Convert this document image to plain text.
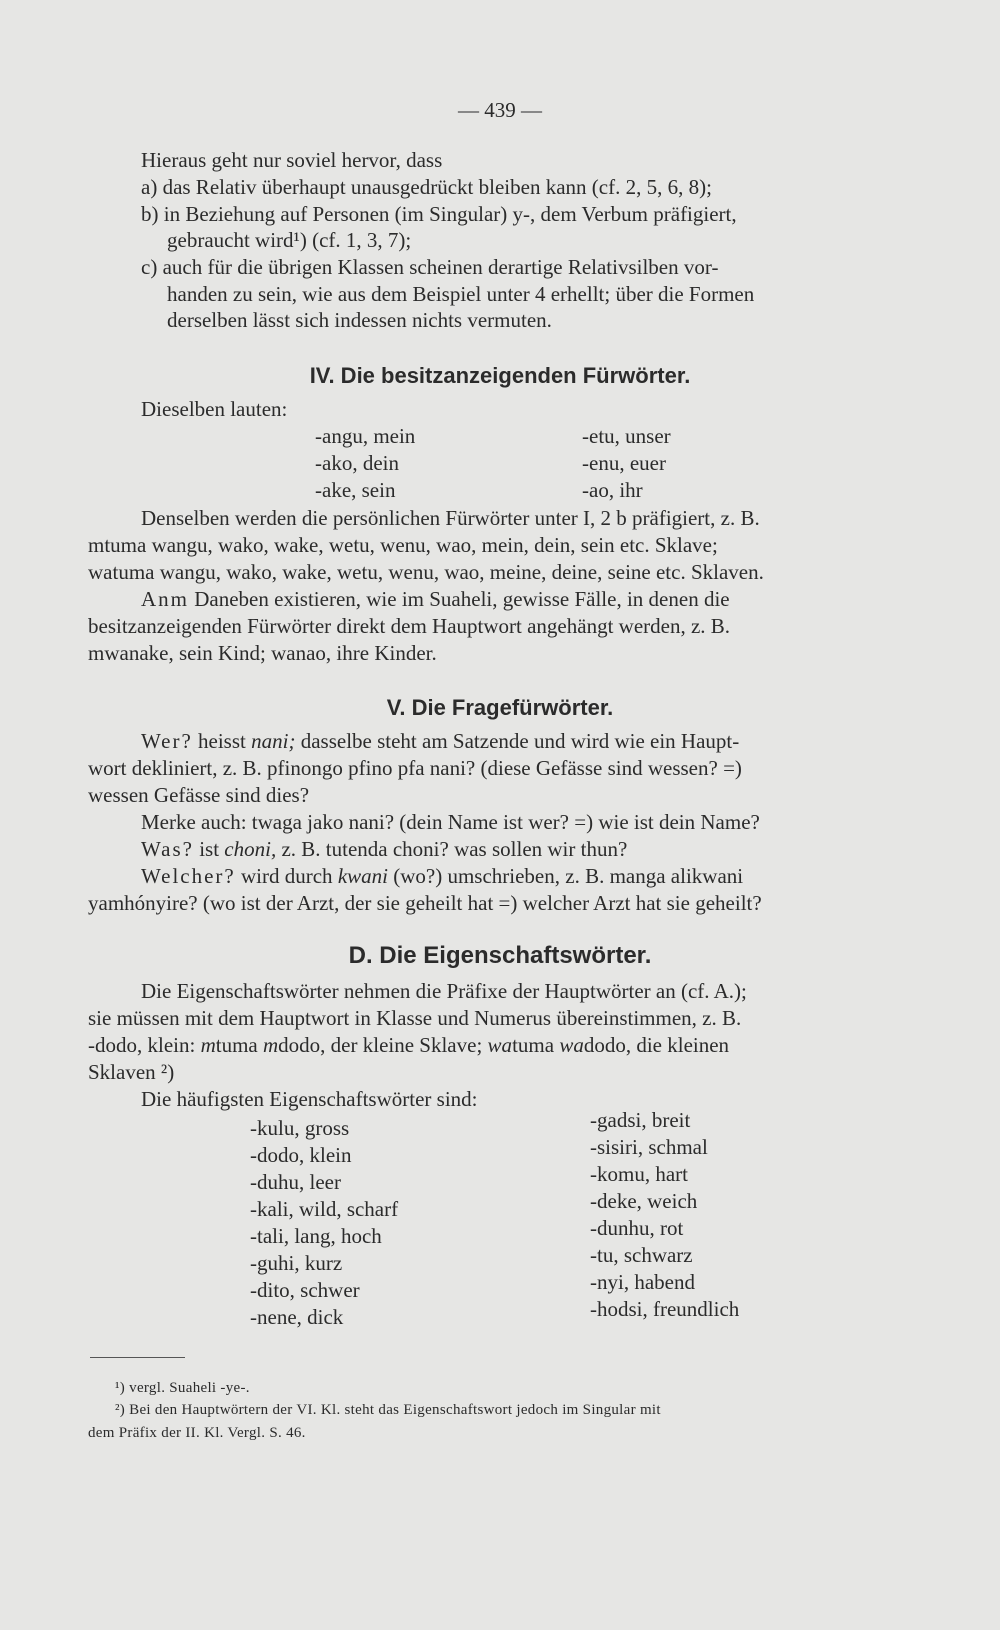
— 439 —
Hieraus geht nur soviel hervor, dass
a) das Relativ überhaupt unausgedrückt bleiben kann (cf. 2, 5, 6, 8);
b) in Beziehung auf Personen (im Singular) y-, dem Verbum präfigiert,
gebraucht wird¹) (cf. 1, 3, 7);
c) auch für die übrigen Klassen scheinen derartige Relativsilben vor-
handen zu sein, wie aus dem Beispiel unter 4 erhellt; über die Formen
derselben lässt sich indessen nichts vermuten.
IV. Die besitzanzeigenden Fürwörter.
Dieselben lauten:
-angu, mein
-ako, dein
-ake, sein
-etu, unser
-enu, euer
-ao, ihr
Denselben werden die persönlichen Fürwörter unter I, 2 b präfigiert, z. B.
mtuma wangu, wako, wake, wetu, wenu, wao, mein, dein, sein etc. Sklave;
watuma wangu, wako, wake, wetu, wenu, wao, meine, deine, seine etc. Sklaven.
Anm Daneben existieren, wie im Suaheli, gewisse Fälle, in denen die
besitzanzeigenden Fürwörter direkt dem Hauptwort angehängt werden, z. B.
mwanake, sein Kind; wanao, ihre Kinder.
V. Die Fragefürwörter.
Wer? heisst nani; dasselbe steht am Satzende und wird wie ein Haupt-
wort dekliniert, z. B. pfinongo pfino pfa nani? (diese Gefässe sind wessen? =)
wessen Gefässe sind dies?
Merke auch: twaga jako nani? (dein Name ist wer? =) wie ist dein Name?
Was? ist choni, z. B. tutenda choni? was sollen wir thun?
Welcher? wird durch kwani (wo?) umschrieben, z. B. manga alikwani
yamhónyire? (wo ist der Arzt, der sie geheilt hat =) welcher Arzt hat sie geheilt?
D. Die Eigenschaftswörter.
Die Eigenschaftswörter nehmen die Präfixe der Hauptwörter an (cf. A.);
sie müssen mit dem Hauptwort in Klasse und Numerus übereinstimmen, z. B.
-dodo, klein: mtuma mdodo, der kleine Sklave; watuma wadodo, die kleinen
Sklaven ²)
Die häufigsten Eigenschaftswörter sind:
-kulu, gross
-dodo, klein
-duhu, leer
-kali, wild, scharf
-tali, lang, hoch
-guhi, kurz
-dito, schwer
-nene, dick
-gadsi, breit
-sisiri, schmal
-komu, hart
-deke, weich
-dunhu, rot
-tu, schwarz
-nyi, habend
-hodsi, freundlich
¹) vergl. Suaheli -ye-.
²) Bei den Hauptwörtern der VI. Kl. steht das Eigenschaftswort jedoch im Singular mit
dem Präfix der II. Kl. Vergl. S. 46.
